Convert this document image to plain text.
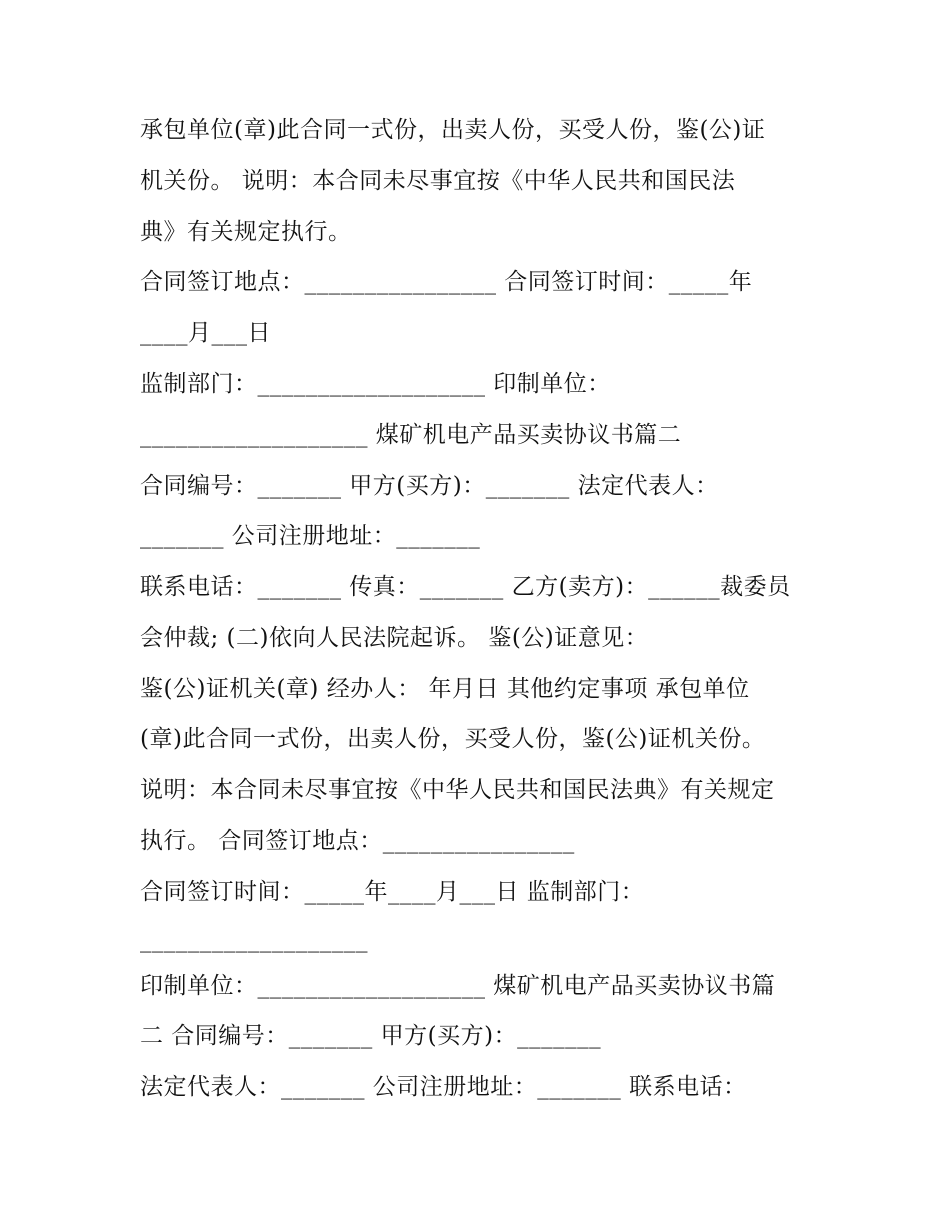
承包单位(章)此合同一式份，出卖人份，买受人份，鉴(公)证
机关份。 说明：本合同未尽事宜按《中华人民共和国民法
典》有关规定执行。
合同签订地点：________________ 合同签订时间：_____年
____月___日
监制部门：___________________ 印制单位：
___________________ 煤矿机电产品买卖协议书篇二
合同编号：_______ 甲方(买方)：_______ 法定代表人：
_______ 公司注册地址：_______
联系电话：_______ 传真：_______ 乙方(卖方)：______裁委员
会仲裁; (二)依向人民法院起诉。 鉴(公)证意见：
鉴(公)证机关(章) 经办人： 年月日 其他约定事项 承包单位
(章)此合同一式份，出卖人份，买受人份，鉴(公)证机关份。
说明：本合同未尽事宜按《中华人民共和国民法典》有关规定
执行。 合同签订地点：________________
合同签订时间：_____年____月___日 监制部门：
___________________
印制单位：___________________ 煤矿机电产品买卖协议书篇
二 合同编号：_______ 甲方(买方)：_______
法定代表人：_______ 公司注册地址：_______ 联系电话：
